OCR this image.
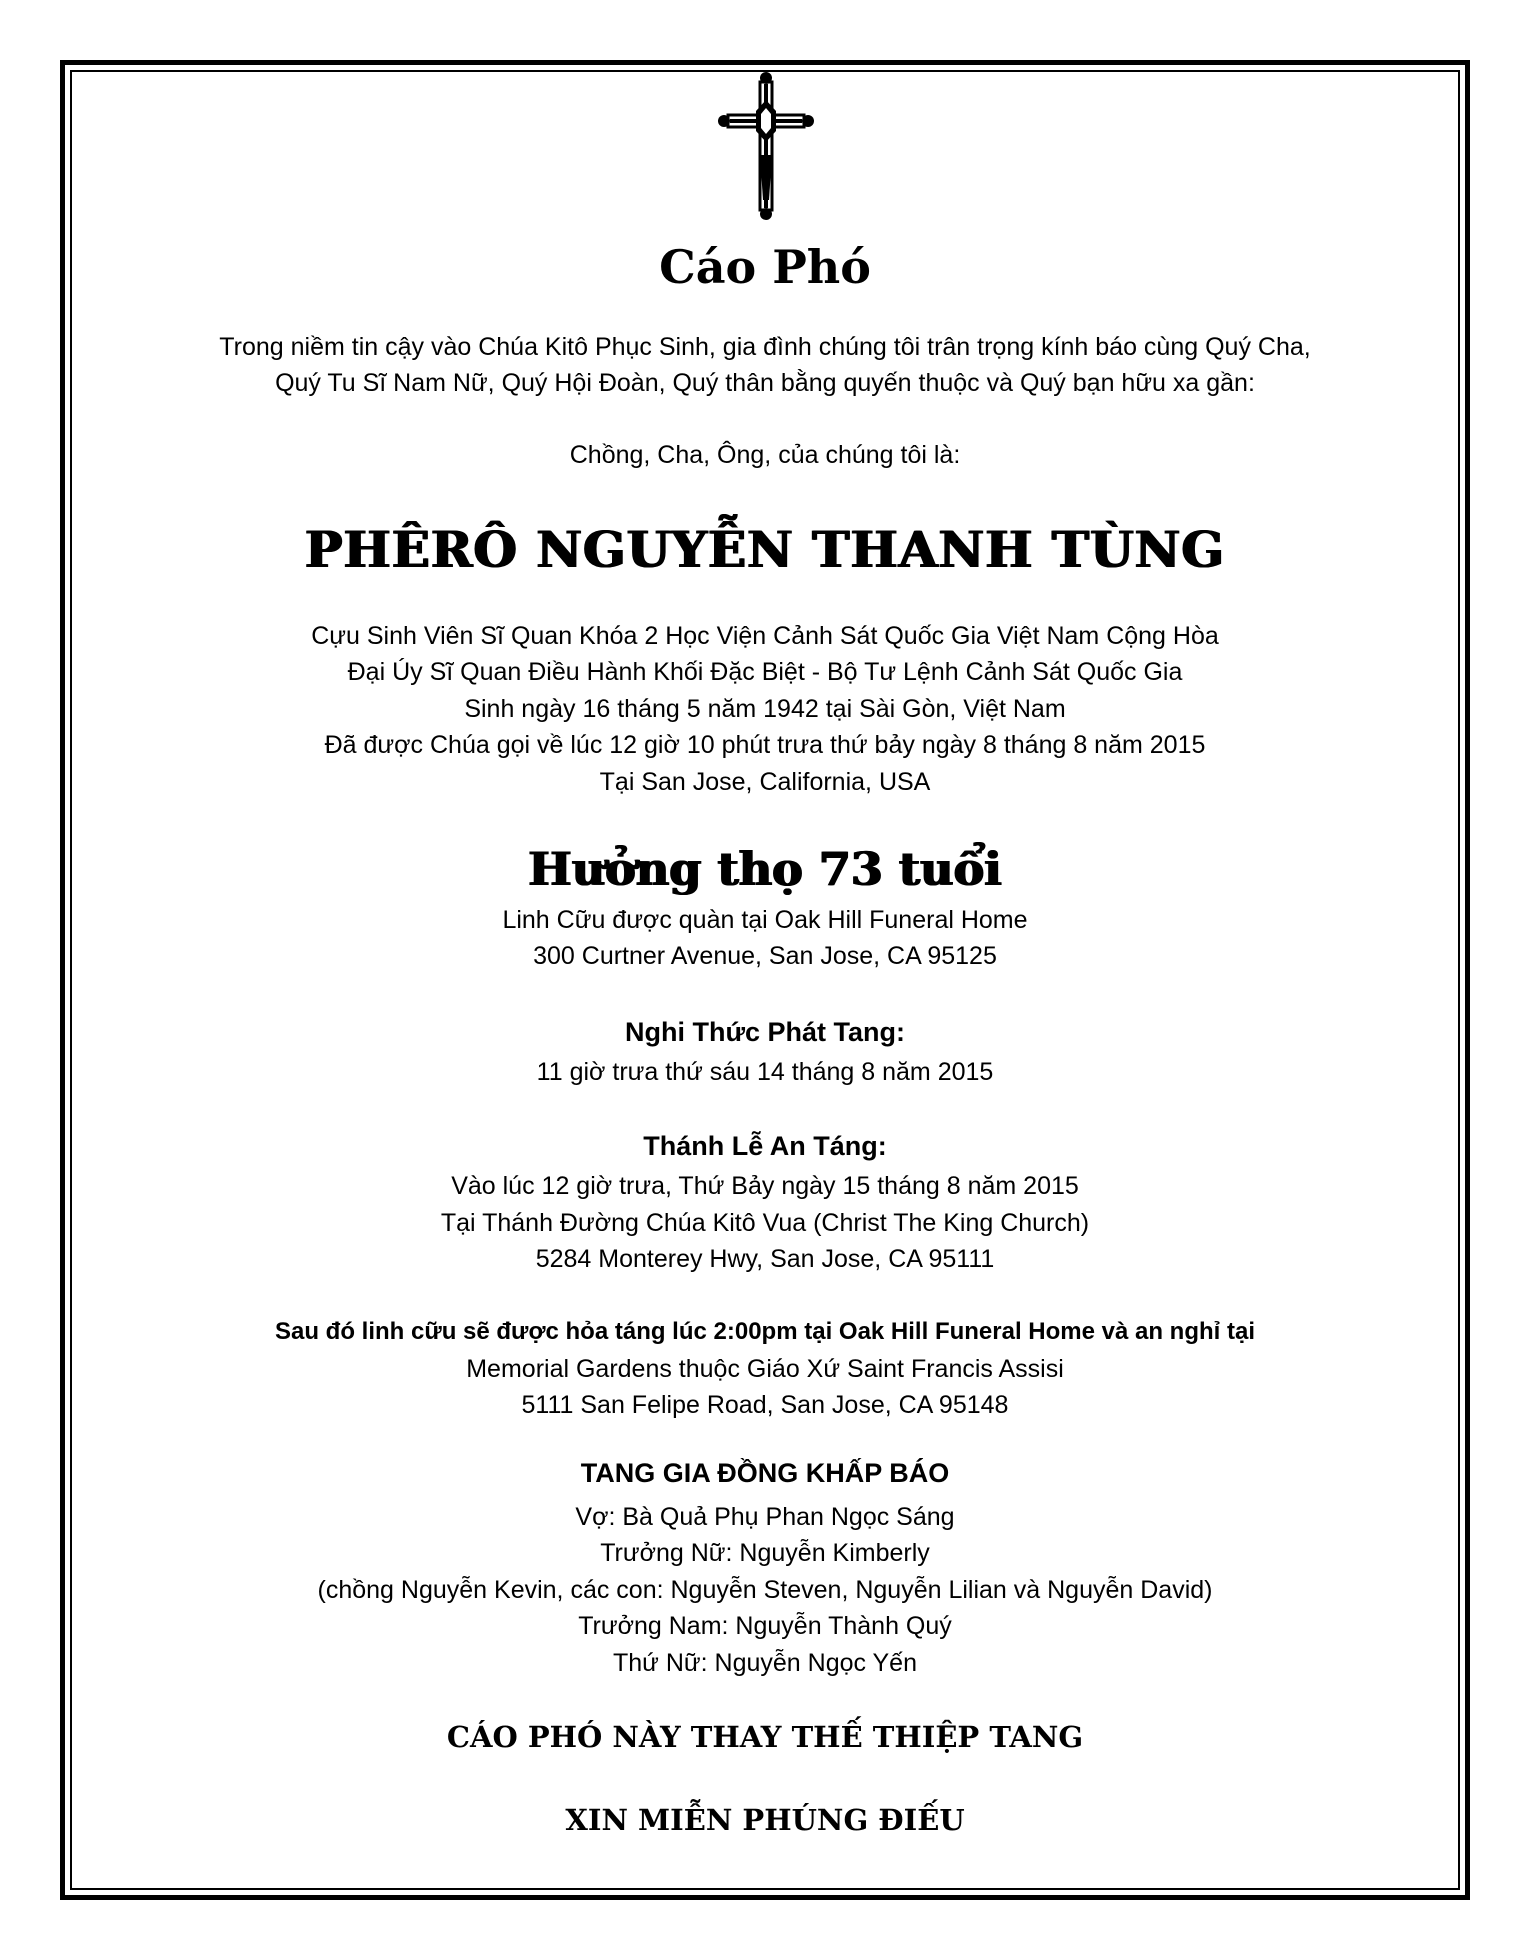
Cáo Phó
Trong niềm tin cậy vào Chúa Kitô Phục Sinh, gia đình chúng tôi trân trọng kính báo cùng Quý Cha,
Quý Tu Sĩ Nam Nữ, Quý Hội Đoàn, Quý thân bằng quyến thuộc và Quý bạn hữu xa gần:
Chồng, Cha, Ông, của chúng tôi là:
PHÊRÔ NGUYỄN THANH TÙNG
Cựu Sinh Viên Sĩ Quan Khóa 2 Học Viện Cảnh Sát Quốc Gia Việt Nam Cộng Hòa
Đại Úy Sĩ Quan Điều Hành Khối Đặc Biệt - Bộ Tư Lệnh Cảnh Sát Quốc Gia
Sinh ngày 16 tháng 5 năm 1942 tại Sài Gòn, Việt Nam
Đã được Chúa gọi về lúc 12 giờ 10 phút trưa thứ bảy ngày 8 tháng 8 năm 2015
Tại San Jose, California, USA
Hưởng thọ 73 tuổi
Linh Cữu được quàn tại Oak Hill Funeral Home
300 Curtner Avenue, San Jose, CA 95125
Nghi Thức Phát Tang:
11 giờ trưa thứ sáu 14 tháng 8 năm 2015
Thánh Lễ An Táng:
Vào lúc 12 giờ trưa, Thứ Bảy ngày 15 tháng 8 năm 2015
Tại Thánh Đường Chúa Kitô Vua (Christ The King Church)
5284 Monterey Hwy, San Jose, CA 95111
Sau đó linh cữu sẽ được hỏa táng lúc 2:00pm tại Oak Hill Funeral Home và an nghỉ tại
Memorial Gardens thuộc Giáo Xứ Saint Francis Assisi
5111 San Felipe Road, San Jose, CA 95148
TANG GIA ĐỒNG KHẤP BÁO
Vợ: Bà Quả Phụ Phan Ngọc Sáng
Trưởng Nữ: Nguyễn Kimberly
(chồng Nguyễn Kevin, các con: Nguyễn Steven, Nguyễn Lilian và Nguyễn David)
Trưởng Nam: Nguyễn Thành Quý
Thứ Nữ: Nguyễn Ngọc Yến
CÁO PHÓ NÀY THAY THẾ THIỆP TANG
XIN MIỄN PHÚNG ĐIẾU
